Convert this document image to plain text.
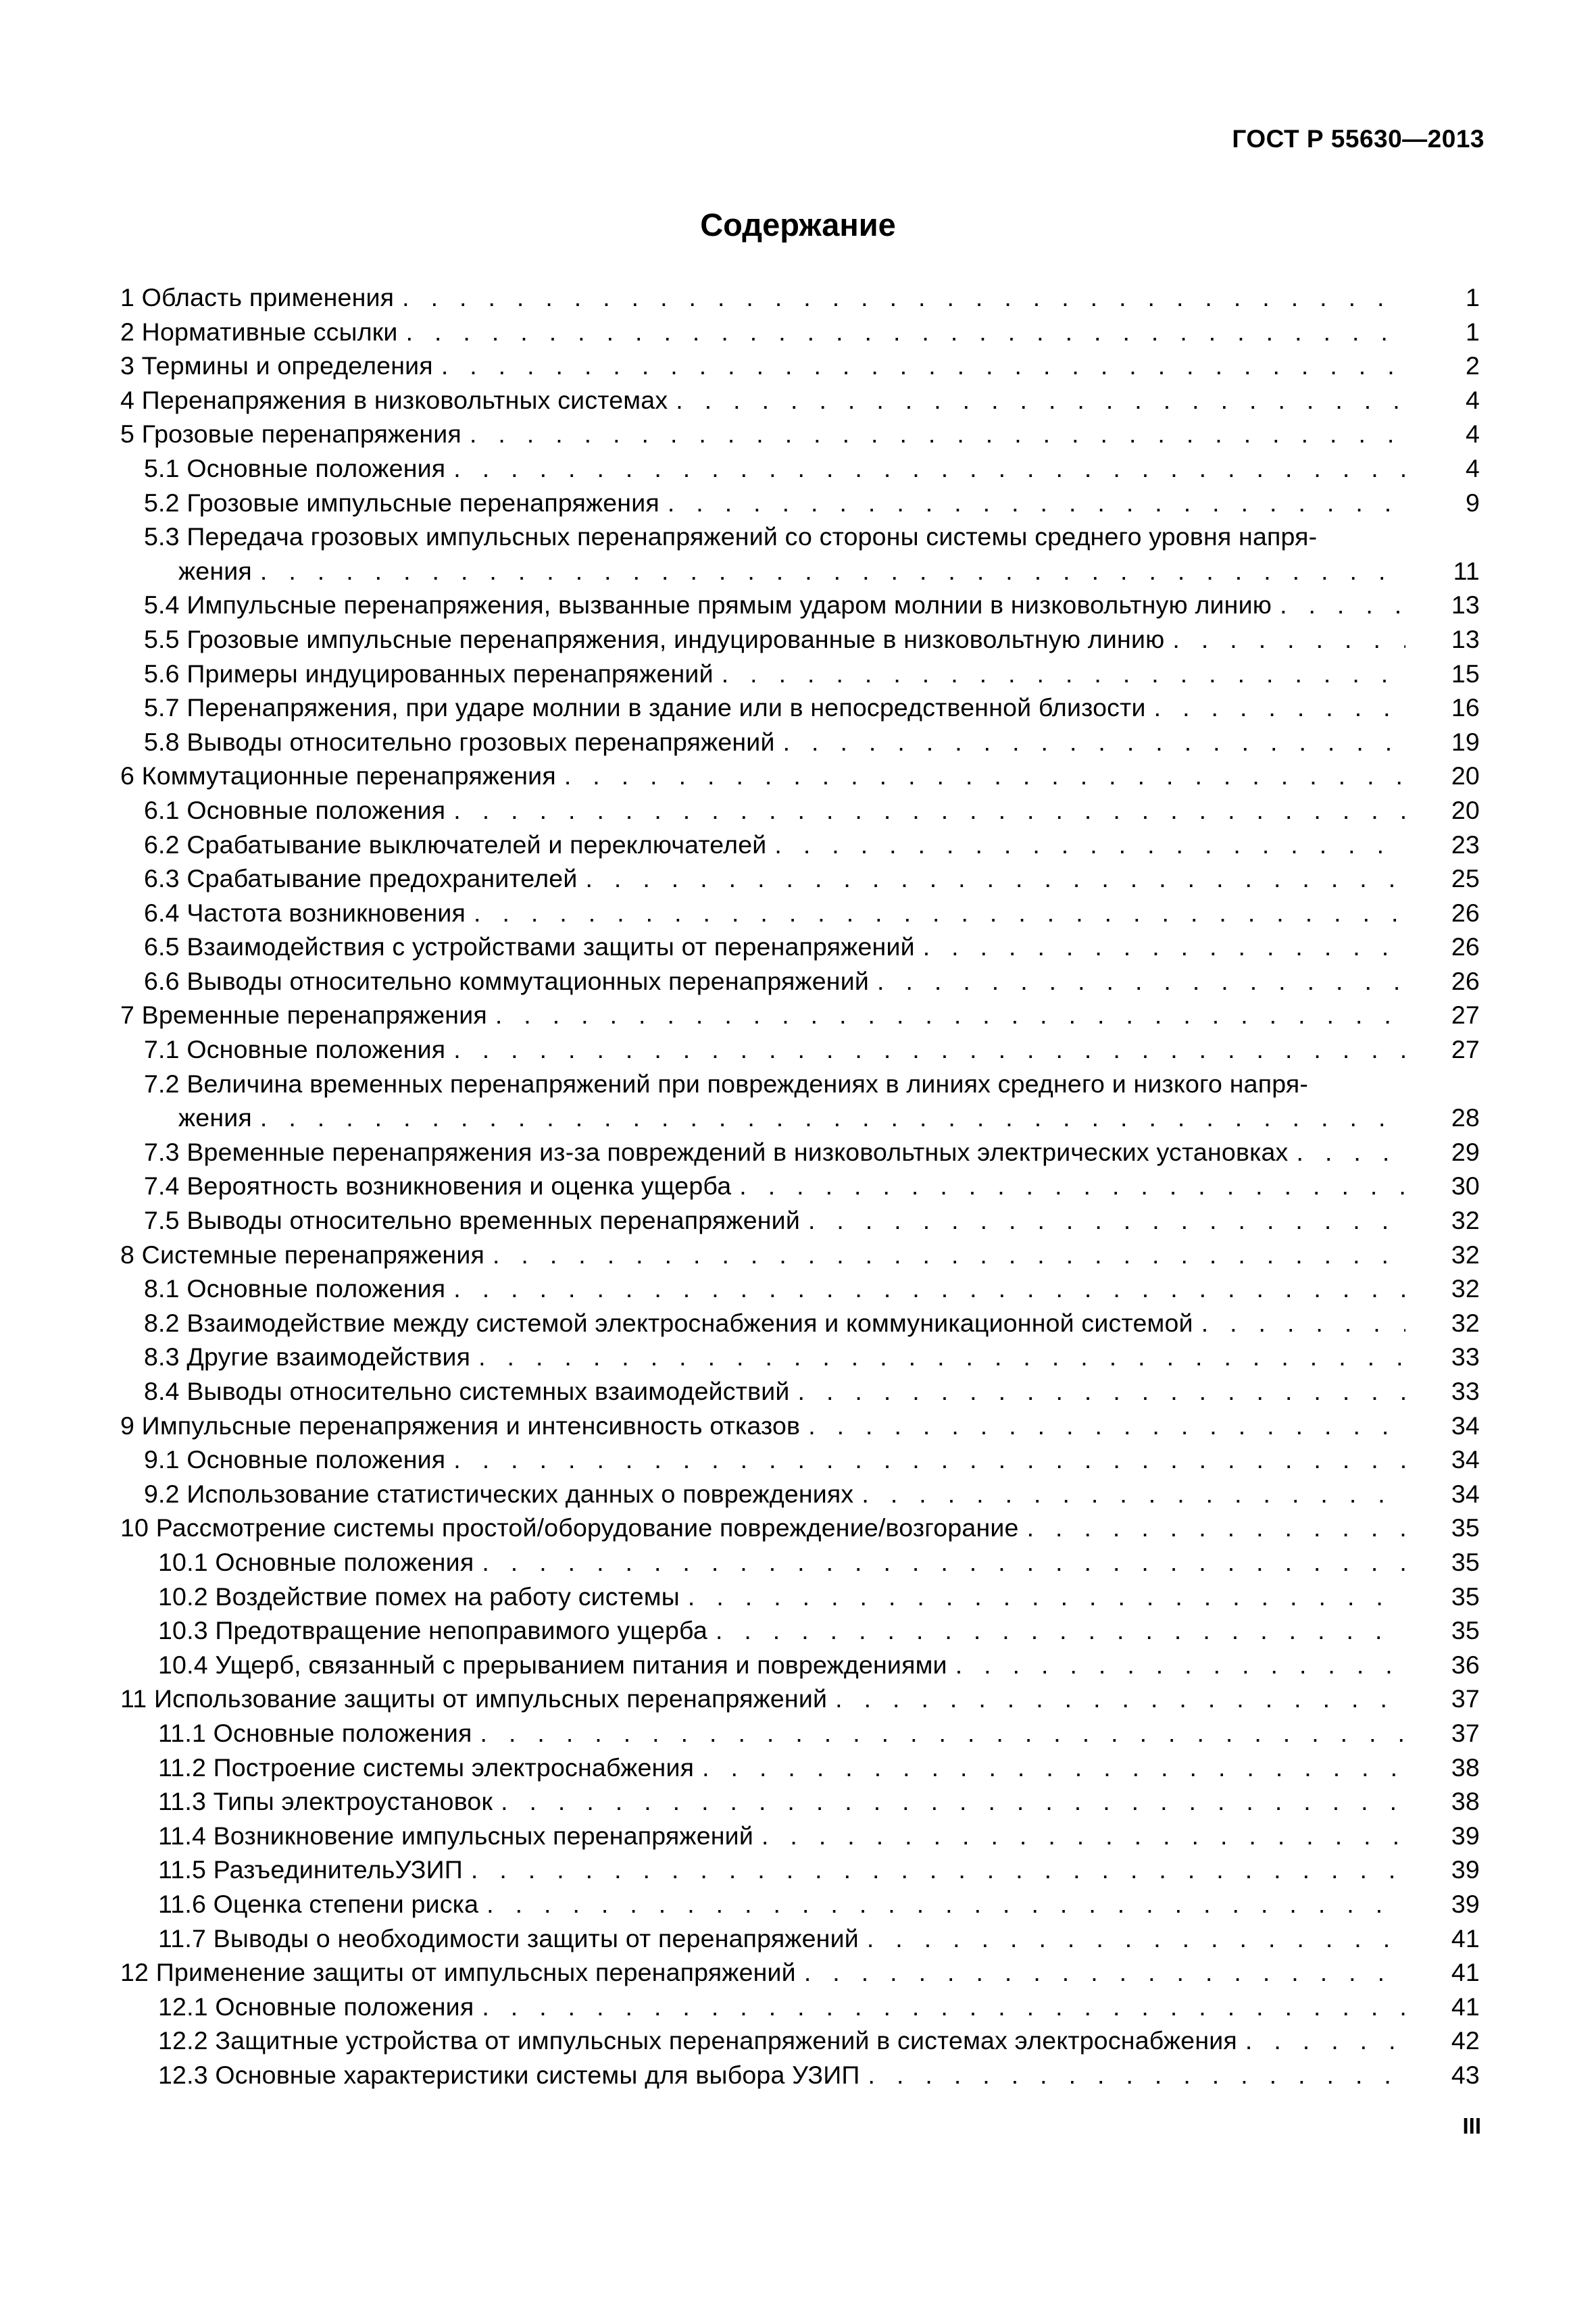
ГОСТ Р 55630—2013
Содержание
1 Область применения . . .	1
2 Нормативные ссылки . . .	1
3 Термины и определения . . .	2
4 Перенапряжения в низковольтных системах . . .	4
5 Грозовые перенапряжения . . .	4
5.1 Основные положения . . .	4
5.2 Грозовые импульсные перенапряжения . . .	9
5.3 Передача грозовых импульсных перенапряжений со стороны системы среднего уровня напря-
жения . . .	11
5.4 Импульсные перенапряжения, вызванные прямым ударом молнии в низковольтную линию . . .	13
5.5 Грозовые импульсные перенапряжения, индуцированные в низковольтную линию . . .	13
5.6 Примеры индуцированных перенапряжений . . .	15
5.7 Перенапряжения, при ударе молнии в здание или в непосредственной близости . . .	16
5.8 Выводы относительно грозовых перенапряжений . . .	19
6 Коммутационные перенапряжения . . .	20
6.1 Основные положения . . .	20
6.2 Срабатывание выключателей и переключателей . . .	23
6.3 Срабатывание предохранителей . . .	25
6.4 Частота возникновения . . .	26
6.5 Взаимодействия с устройствами защиты от перенапряжений . . .	26
6.6 Выводы относительно коммутационных перенапряжений . . .	26
7 Временные перенапряжения . . .	27
7.1 Основные положения . . .	27
7.2 Величина временных перенапряжений при повреждениях в линиях среднего и низкого напря-
жения . . .	28
7.3 Временные перенапряжения из-за повреждений в низковольтных электрических установках . . .	29
7.4 Вероятность возникновения и оценка ущерба . . .	30
7.5 Выводы относительно временных перенапряжений . . .	32
8 Системные перенапряжения . . .	32
8.1 Основные положения . . .	32
8.2 Взаимодействие между системой электроснабжения и коммуникационной системой . . .	32
8.3 Другие взаимодействия . . .	33
8.4 Выводы относительно системных взаимодействий . . .	33
9 Импульсные перенапряжения и интенсивность отказов . . .	34
9.1 Основные положения . . .	34
9.2 Использование статистических данных о повреждениях . . .	34
10 Рассмотрение системы простой/оборудование повреждение/возгорание . . .	35
10.1 Основные положения . . .	35
10.2 Воздействие помех на работу системы . . .	35
10.3 Предотвращение непоправимого ущерба . . .	35
10.4 Ущерб, связанный с прерыванием питания и повреждениями . . .	36
11 Использование защиты от импульсных перенапряжений . . .	37
11.1 Основные положения . . .	37
11.2 Построение системы электроснабжения . . .	38
11.3 Типы электроустановок . . .	38
11.4 Возникновение импульсных перенапряжений . . .	39
11.5 РазъединительУЗИП . . .	39
11.6 Оценка степени риска . . .	39
11.7 Выводы о необходимости защиты от перенапряжений . . .	41
12 Применение защиты от импульсных перенапряжений . . .	41
12.1 Основные положения . . .	41
12.2 Защитные устройства от импульсных перенапряжений в системах электроснабжения . . .	42
12.3 Основные характеристики системы для выбора УЗИП . . .	43
III
